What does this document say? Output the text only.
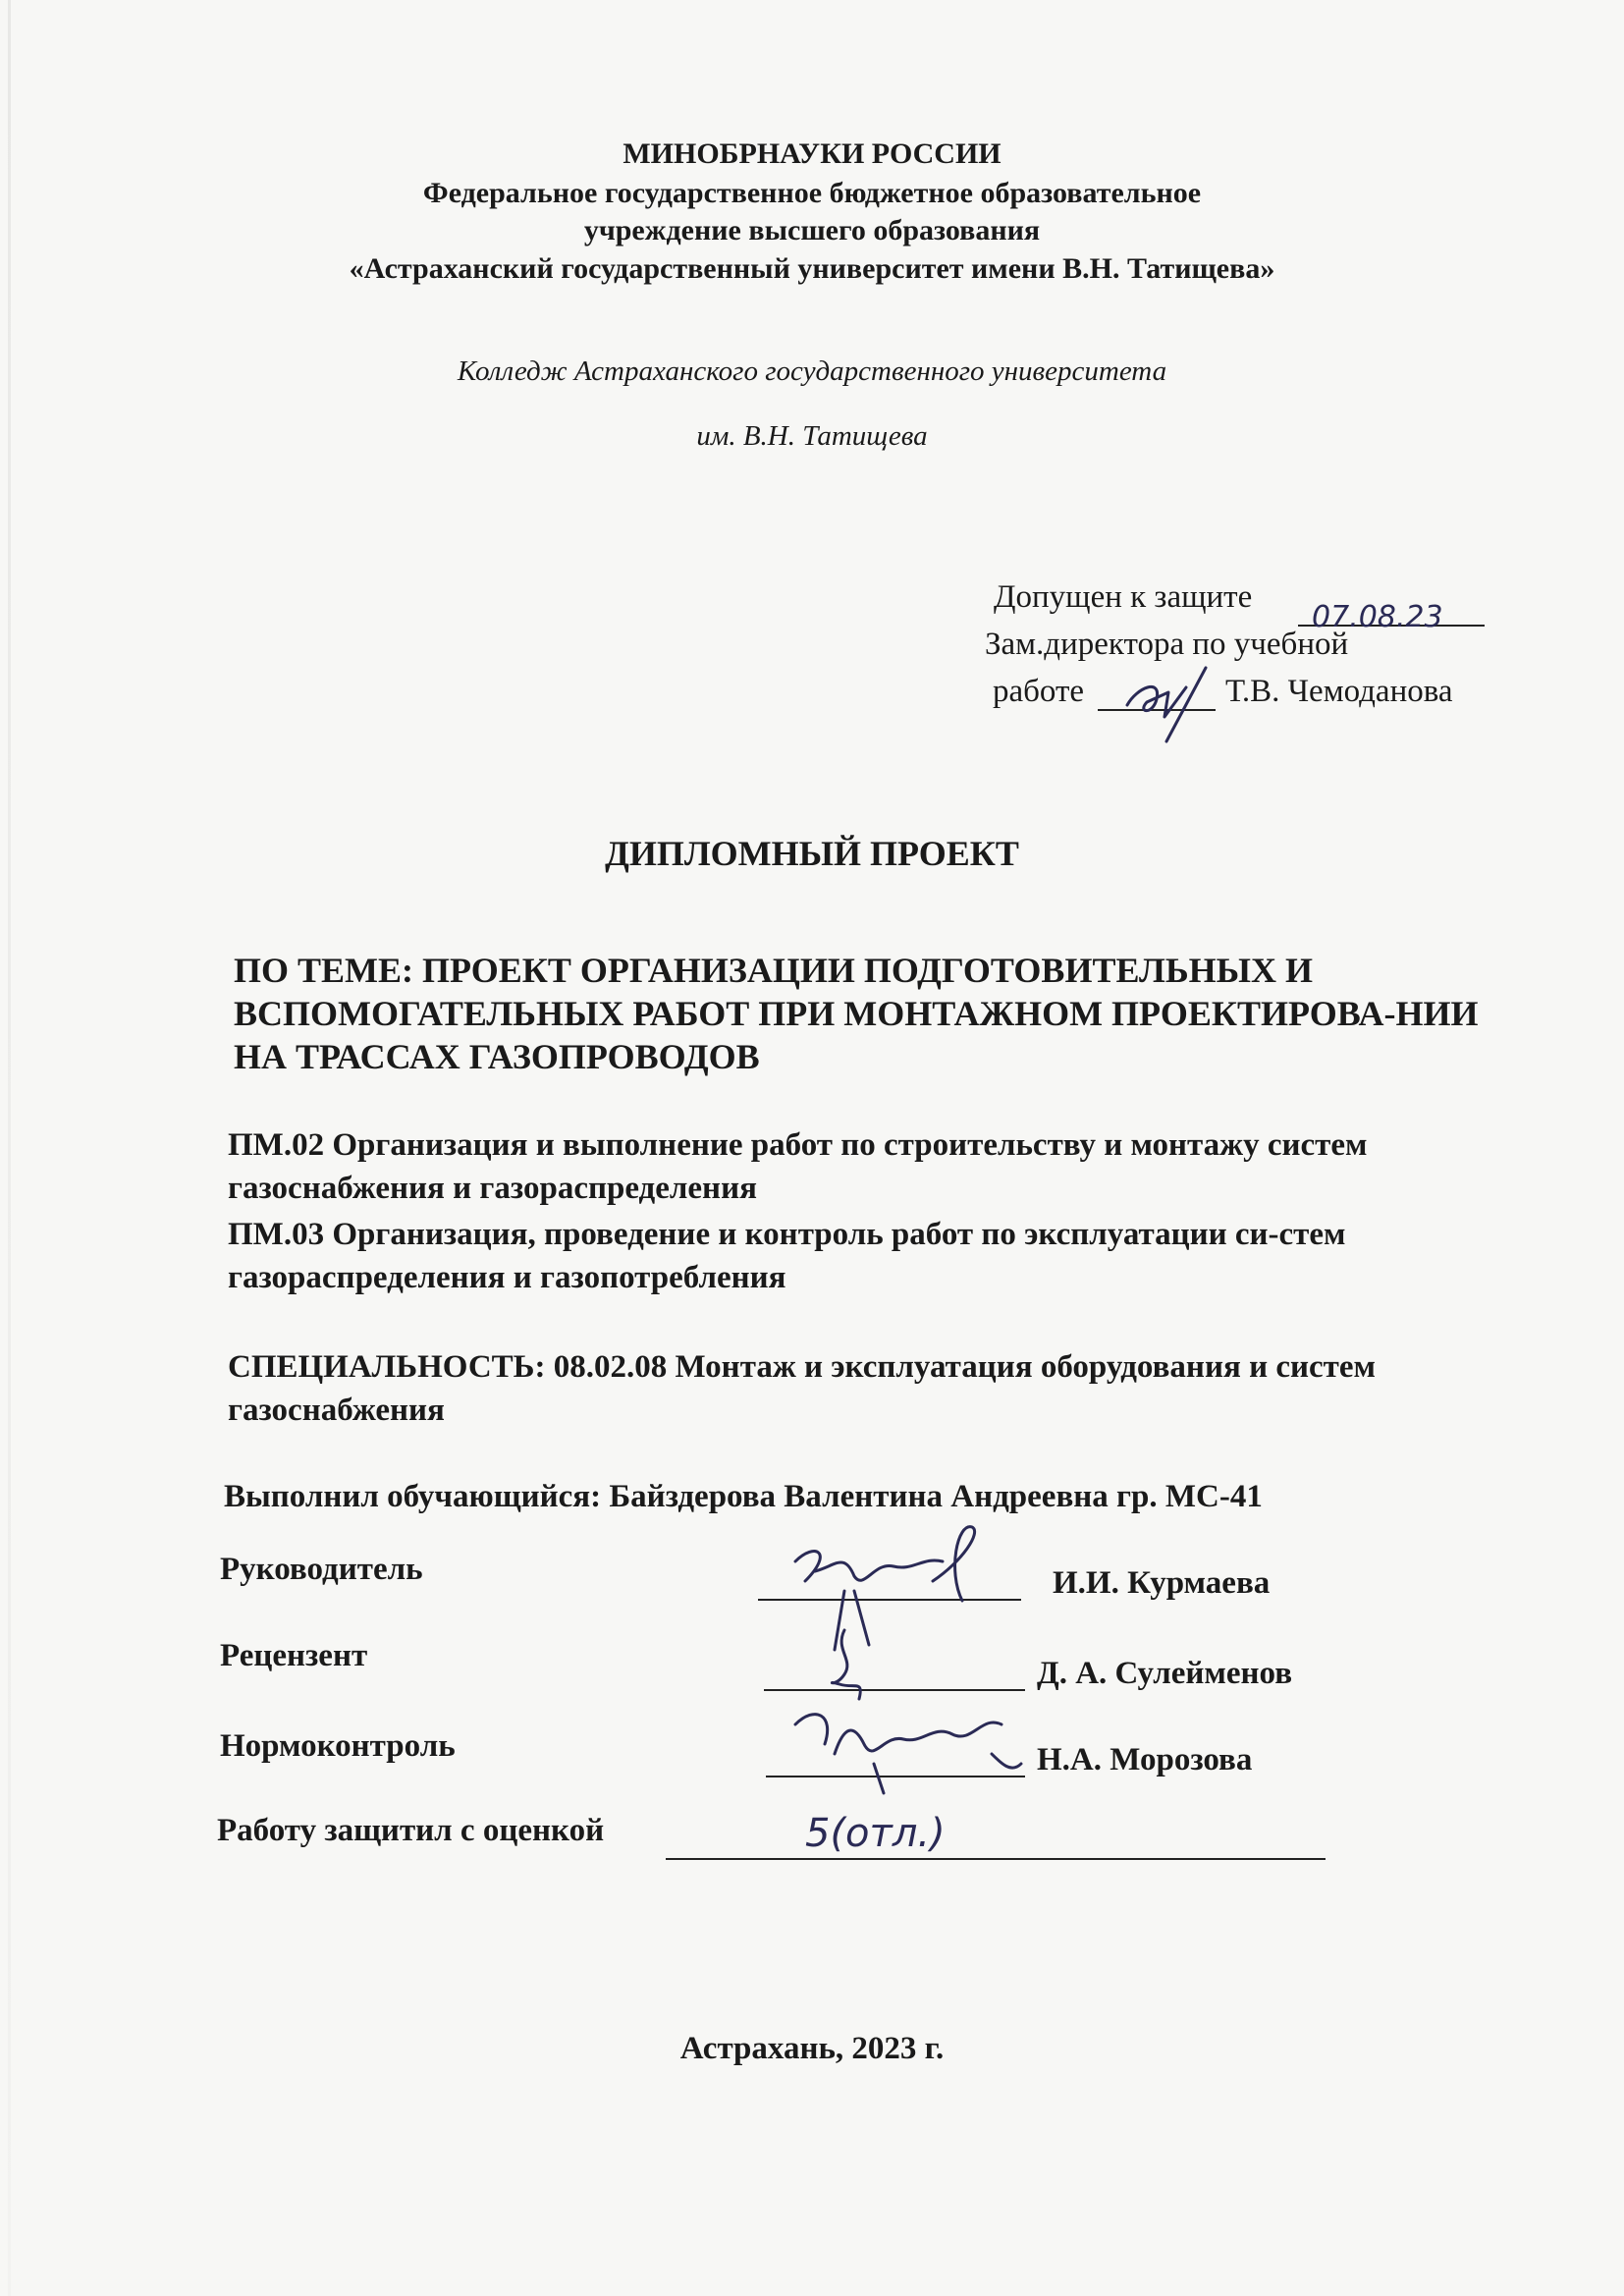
МИНОБРНАУКИ РОССИИ
Федеральное государственное бюджетное образовательное
учреждение высшего образования
«Астраханский государственный университет имени В.Н. Татищева»
Колледж Астраханского государственного университета
им. В.Н. Татищева
Допущен к защите
07.08.23
Зам.директора по учебной
работе	Т.В. Чемоданова
ДИПЛОМНЫЙ ПРОЕКТ
ПО ТЕМЕ: ПРОЕКТ ОРГАНИЗАЦИИ ПОДГОТОВИТЕЛЬНЫХ И ВСПОМОГАТЕЛЬНЫХ РАБОТ ПРИ МОНТАЖНОМ ПРОЕКТИРОВА-НИИ НА ТРАССАХ ГАЗОПРОВОДОВ
ПМ.02 Организация и выполнение работ по строительству и монтажу систем газоснабжения и газораспределения
ПМ.03 Организация, проведение и контроль работ по эксплуатации си-стем газораспределения и газопотребления
СПЕЦИАЛЬНОСТЬ: 08.02.08 Монтаж и эксплуатация оборудования и систем газоснабжения
Выполнил обучающийся: Байздерова Валентина Андреевна гр. МС-41
Руководитель	И.И. Курмаева
Рецензент	Д. А. Сулейменов
Нормоконтроль	Н.А. Морозова
Работу защитил с оценкой	5(отл.)
Астрахань, 2023 г.
